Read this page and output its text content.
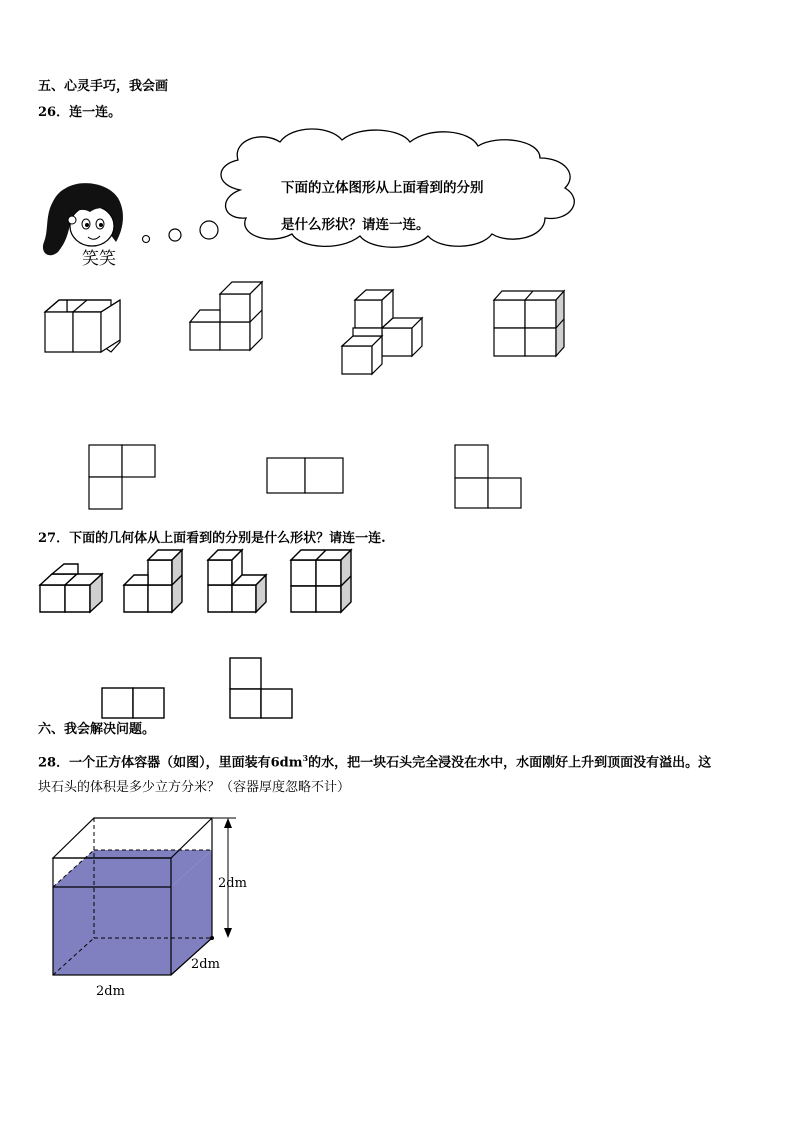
五、心灵手巧，我会画
26．连一连。
下面的立体图形从上面看到的分别
是什么形状？请连一连。
笑笑
27．下面的几何体从上面看到的分别是什么形状？请连一连.
六、我会解决问题。
28．一个正方体容器（如图），里面装有$6dm^3$的水，把一块石头完全浸没在水中，水面刚好上升到顶面没有溢出。这
块石头的体积是多少立方分米？（容器厚度忽略不计）
2dm
2dm
2dm
